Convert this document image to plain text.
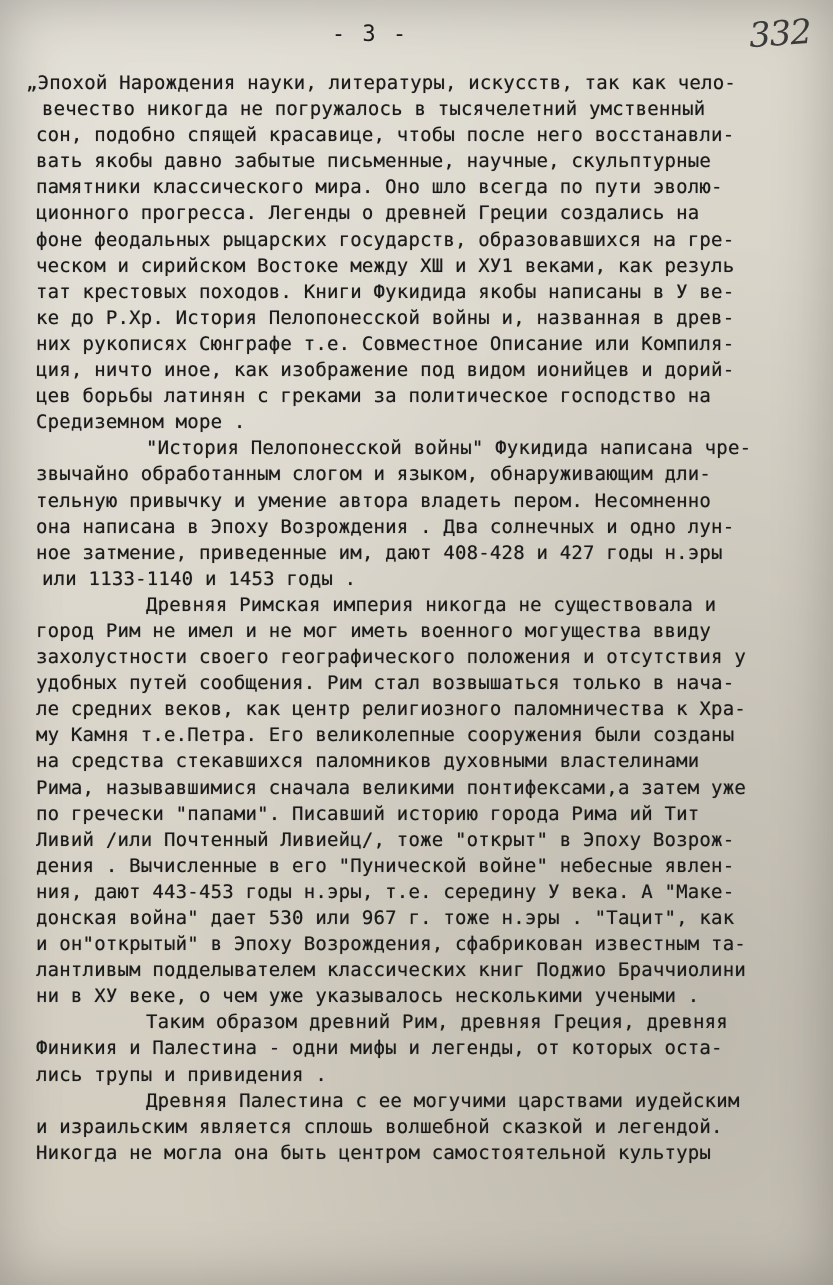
- 3 -	332
„Эпохой Нарождения науки, литературы, искусств, так как чело-
вечество никогда не погружалось в тысячелетний умственный
сон, подобно спящей красавице, чтобы после него восстанавли-
вать якобы давно забытые письменные, научные, скульптурные
памятники классического мира. Оно шло всегда по пути эволю-
ционного прогресса. Легенды о древней Греции создались на
фоне феодальных рыцарских государств, образовавшихся на гре-
ческом и сирийском Востоке между ХШ и ХУ1 веками, как резуль
тат крестовых походов. Книги Фукидида якобы написаны в У ве-
ке до Р.Хр. История Пелопонесской войны и, названная в древ-
них рукописях Сюнграфе т.е. Совместное Описание или Компиля-
ция, ничто иное, как изображение под видом ионийцев и дорий-
цев борьбы латинян с греками за политическое господство на
Средиземном море .
"История Пелопонесской войны" Фукидида написана чре-
звычайно обработанным слогом и языком, обнаруживающим дли-
тельную привычку и умение автора владеть пером. Несомненно
она написана в Эпоху Возрождения . Два солнечных и одно лун-
ное затмение, приведенные им, дают 408-428 и 427 годы н.эры
или 1133-1140 и 1453 годы .
Древняя Римская империя никогда не существовала и
город Рим не имел и не мог иметь военного могущества ввиду
захолустности своего географического положения и отсутствия у
удобных путей сообщения. Рим стал возвышаться только в нача-
ле средних веков, как центр религиозного паломничества к Хра-
му Камня т.е.Петра. Его великолепные сооружения были созданы
на средства стекавшихся паломников духовными властелинами
Рима, называвшимися сначала великими понтифексами,а затем уже
по гречески "папами". Писавший историю города Рима ий Тит
Ливий /или Почтенный Ливиейц/, тоже "открыт" в Эпоху Возрож-
дения . Вычисленные в его "Пунической войне" небесные явлен-
ния, дают 443-453 годы н.эры, т.е. середину У века. А "Маке-
донская война" дает 530 или 967 г. тоже н.эры . "Тацит", как
и он"открытый" в Эпоху Возрождения, сфабрикован известным та-
лантливым подделывателем классических книг Поджио Браччиолини
ни в ХУ веке, о чем уже указывалось несколькими учеными .
Таким образом древний Рим, древняя Греция, древняя
Финикия и Палестина - одни мифы и легенды, от которых оста-
лись трупы и привидения .
Древняя Палестина с ее могучими царствами иудейским
и израильским является сплошь волшебной сказкой и легендой.
Никогда не могла она быть центром самостоятельной культуры
